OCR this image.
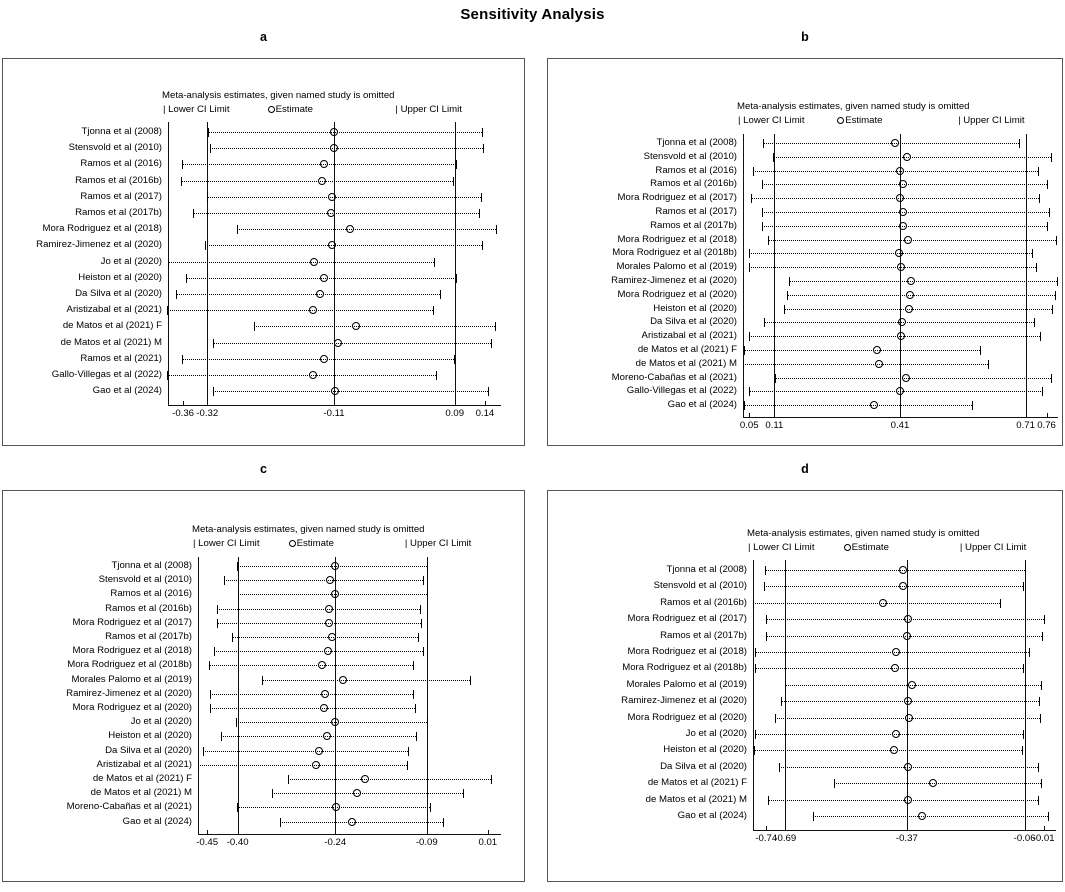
Sensitivity Analysis
a
Meta-analysis estimates, given named study is omitted
| Lower CI Limit	Estimate	| Upper CI Limit
Tjonna et al (2008)
Stensvold et al (2010)
Ramos et al (2016)
Ramos et al (2016b)
Ramos et al (2017)
Ramos et al (2017b)
Mora Rodriguez et al (2018)
Ramirez-Jimenez et al (2020)
Jo et al (2020)
Heiston et al (2020)
Da Silva et al (2020)
Aristizabal et al (2021)
de Matos et al (2021) F
de Matos et al (2021) M
Ramos et al (2021)
Gallo-Villegas et al (2022)
Gao et al (2024)
-0.36 -0.32	-0.11	0.09	0.14
b
Meta-analysis estimates, given named study is omitted
| Lower CI Limit	Estimate	| Upper CI Limit
Tjonna et al (2008)
Stensvold et al (2010)
Ramos et al (2016)
Ramos et al (2016b)
Mora Rodriguez et al (2017)
Ramos et al (2017)
Ramos et al (2017b)
Mora Rodriguez et al (2018)
Mora Rodriguez et al (2018b)
Morales Palomo et al (2019)
Ramirez-Jimenez et al (2020)
Mora Rodriguez et al (2020)
Heiston et al (2020)
Da Silva et al (2020)
Aristizabal et al (2021)
de Matos et al (2021) F
de Matos et al (2021) M
Moreno-Cabañas et al (2021)
Gallo-Villegas et al (2022)
Gao et al (2024)
0.05 0.11	0.41	0.71 0.76
c
Meta-analysis estimates, given named study is omitted
| Lower CI Limit	Estimate	| Upper CI Limit
Tjonna et al (2008)
Stensvold et al (2010)
Ramos et al (2016)
Ramos et al (2016b)
Mora Rodriguez et al (2017)
Ramos et al (2017b)
Mora Rodriguez et al (2018)
Mora Rodriguez et al (2018b)
Morales Palomo et al (2019)
Ramirez-Jimenez et al (2020)
Mora Rodriguez et al (2020)
Jo et al (2020)
Heiston et al (2020)
Da Silva et al (2020)
Aristizabal et al (2021)
de Matos et al (2021) F
de Matos et al (2021) M
Moreno-Cabañas et al (2021)
Gao et al (2024)
-0.45 -0.40	-0.24	-0.09	0.01
d
Meta-analysis estimates, given named study is omitted
| Lower CI Limit	Estimate	| Upper CI Limit
Tjonna et al (2008)
Stensvold et al (2010)
Ramos et al (2016b)
Mora Rodriguez et al (2017)
Ramos et al (2017b)
Mora Rodriguez et al (2018)
Mora Rodriguez et al (2018b)
Morales Palomo et al (2019)
Ramirez-Jimenez et al (2020)
Mora Rodriguez et al (2020)
Jo et al (2020)
Heiston et al (2020)
Da Silva et al (2020)
de Matos et al (2021) F
de Matos et al (2021) M
Gao et al (2024)
-0.74
-0.69	-0.37	-0.06
-0.01
